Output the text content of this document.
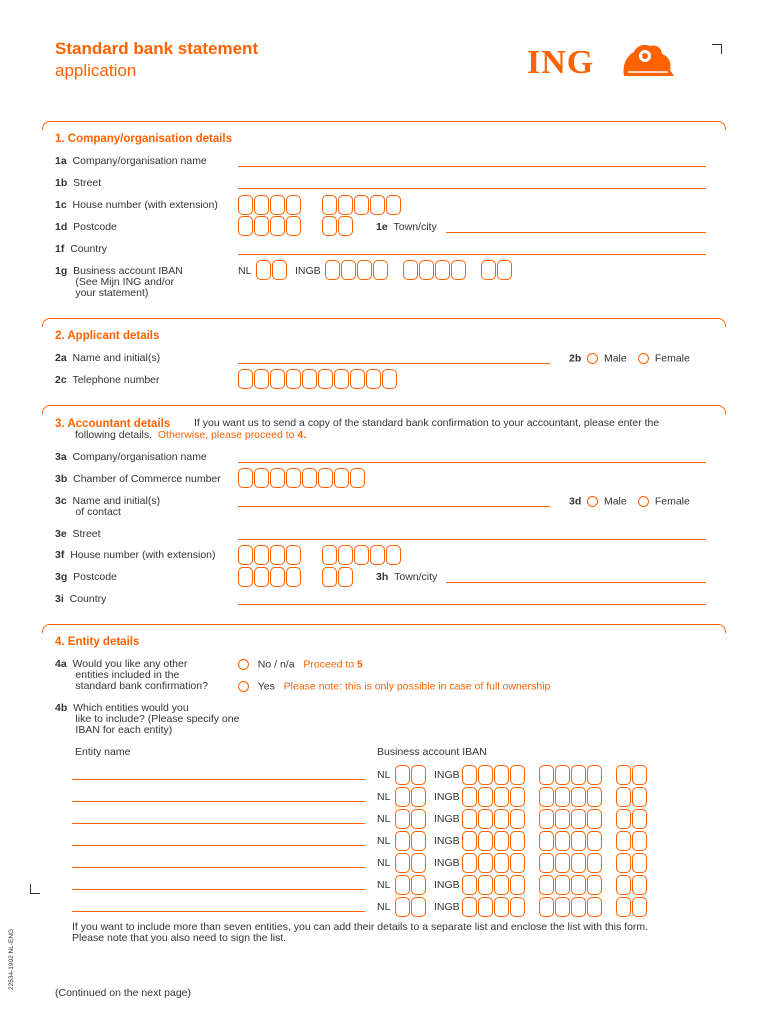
Standard bank statement
application	ING
1. Company/organisation details
1a Company/organisation name
1b Street
1c House number (with extension)
1d Postcode	1e Town/city
1f Country
1g Business account IBAN
(See Mijn ING and/or
your statement)
NL	INGB
2. Applicant details
2a Name and initial(s)	2b Male	Female
2c Telephone number
3. Accountant details If you want us to send a copy of the standard bank confirmation to your accountant, please enter the
following details. Otherwise, please proceed to 4.
3a Company/organisation name
3b Chamber of Commerce number
3c Name and initial(s)
of contact
3d Male	Female
3e Street
3f House number (with extension)
3g Postcode	3h Town/city
3i Country
4. Entity details
4a Would you like any other
entities included in the
standard bank confirmation?
No / n/a Proceed to 5
Yes Please note: this is only possible in case of full ownership
4b Which entities would you
like to include? (Please specify one
IBAN for each entity)
Entity name	Business account IBAN
NL	INGB
NL	INGB
NL	INGB
NL	INGB
NL	INGB
NL	INGB
NL	INGB
If you want to include more than seven entities, you can add their details to a separate list and enclose the list with this form.
Please note that you also need to sign the list.
(Continued on the next page)
22534-1902 NL-ENG
